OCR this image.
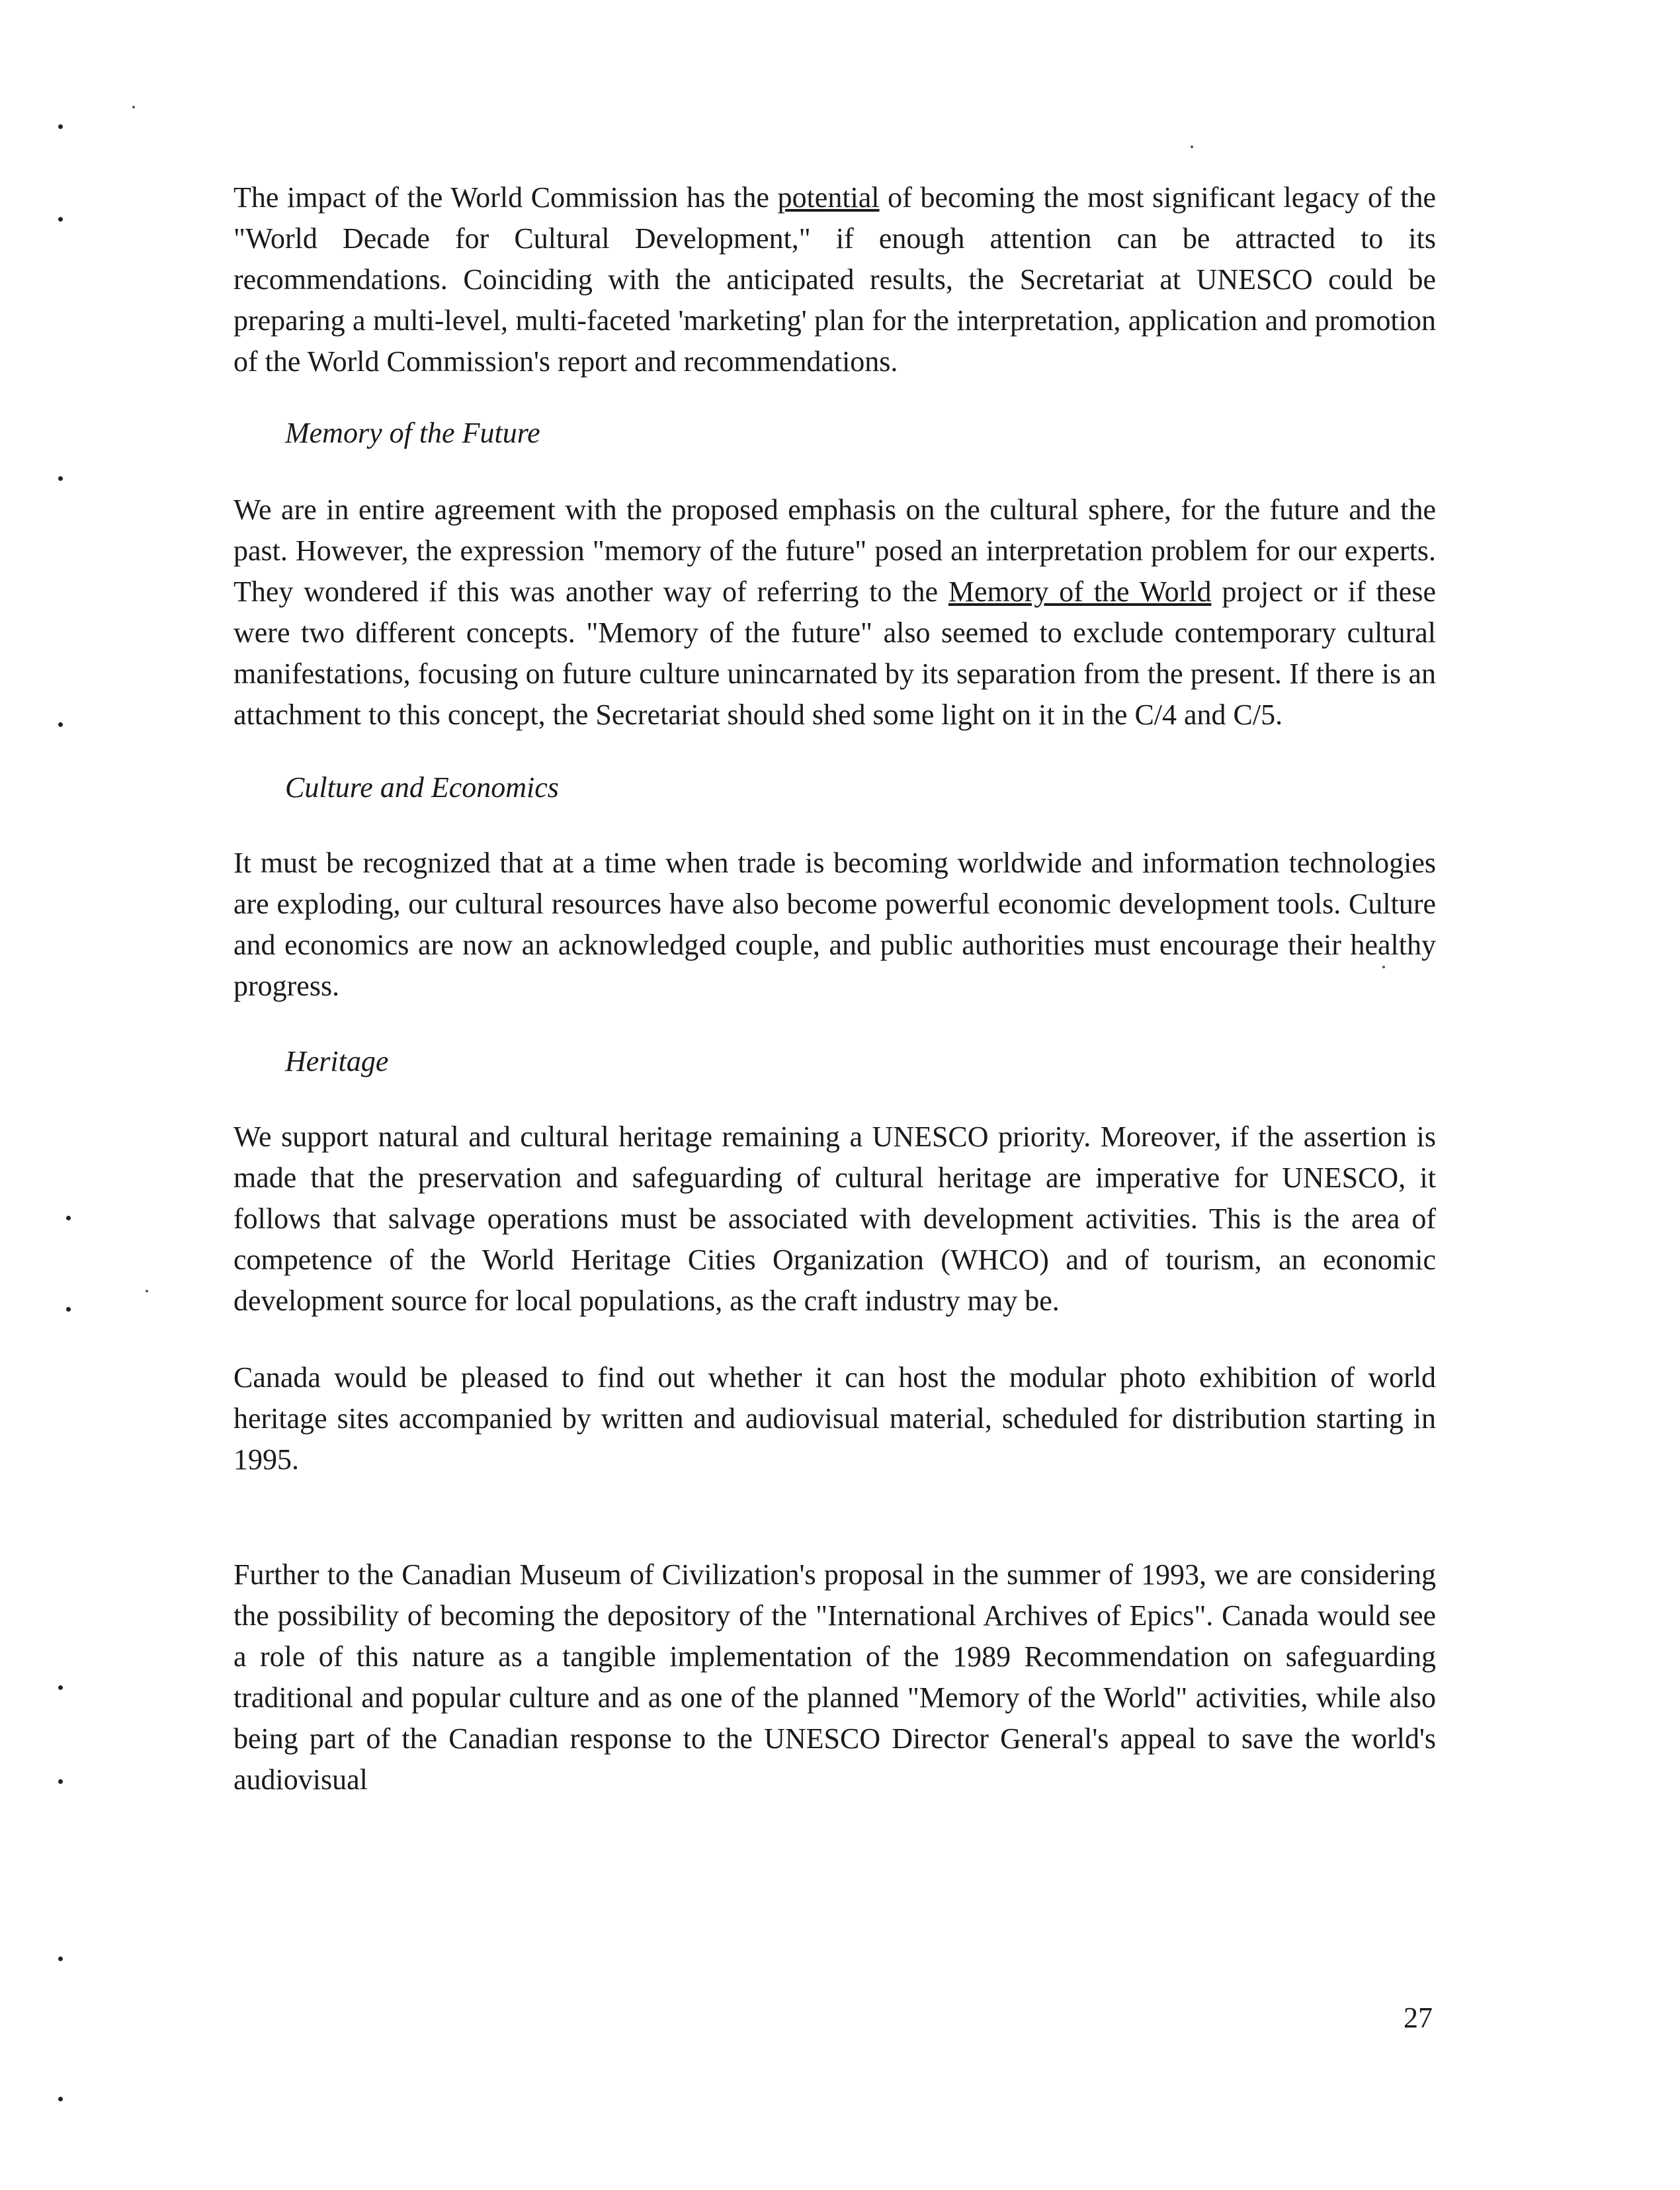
The impact of the World Commission has the potential of becoming the most significant legacy of the "World Decade for Cultural Development," if enough attention can be attracted to its recommendations. Coinciding with the anticipated results, the Secretariat at UNESCO could be preparing a multi-level, multi-faceted 'marketing' plan for the interpretation, application and promotion of the World Commission's report and recommendations.

Memory of the Future

We are in entire agreement with the proposed emphasis on the cultural sphere, for the future and the past. However, the expression "memory of the future" posed an interpretation problem for our experts. They wondered if this was another way of referring to the Memory of the World project or if these were two different concepts. "Memory of the future" also seemed to exclude contemporary cultural manifestations, focusing on future culture unincarnated by its separation from the present. If there is an attachment to this concept, the Secretariat should shed some light on it in the C/4 and C/5.

Culture and Economics

It must be recognized that at a time when trade is becoming worldwide and information technologies are exploding, our cultural resources have also become powerful economic development tools. Culture and economics are now an acknowledged couple, and public authorities must encourage their healthy progress.

Heritage

We support natural and cultural heritage remaining a UNESCO priority. Moreover, if the assertion is made that the preservation and safeguarding of cultural heritage are imperative for UNESCO, it follows that salvage operations must be associated with development activities. This is the area of competence of the World Heritage Cities Organization (WHCO) and of tourism, an economic development source for local populations, as the craft industry may be.

Canada would be pleased to find out whether it can host the modular photo exhibition of world heritage sites accompanied by written and audiovisual material, scheduled for distribution starting in 1995.

Further to the Canadian Museum of Civilization's proposal in the summer of 1993, we are considering the possibility of becoming the depository of the "International Archives of Epics". Canada would see a role of this nature as a tangible implementation of the 1989 Recommendation on safeguarding traditional and popular culture and as one of the planned "Memory of the World" activities, while also being part of the Canadian response to the UNESCO Director General's appeal to save the world's audiovisual

27
